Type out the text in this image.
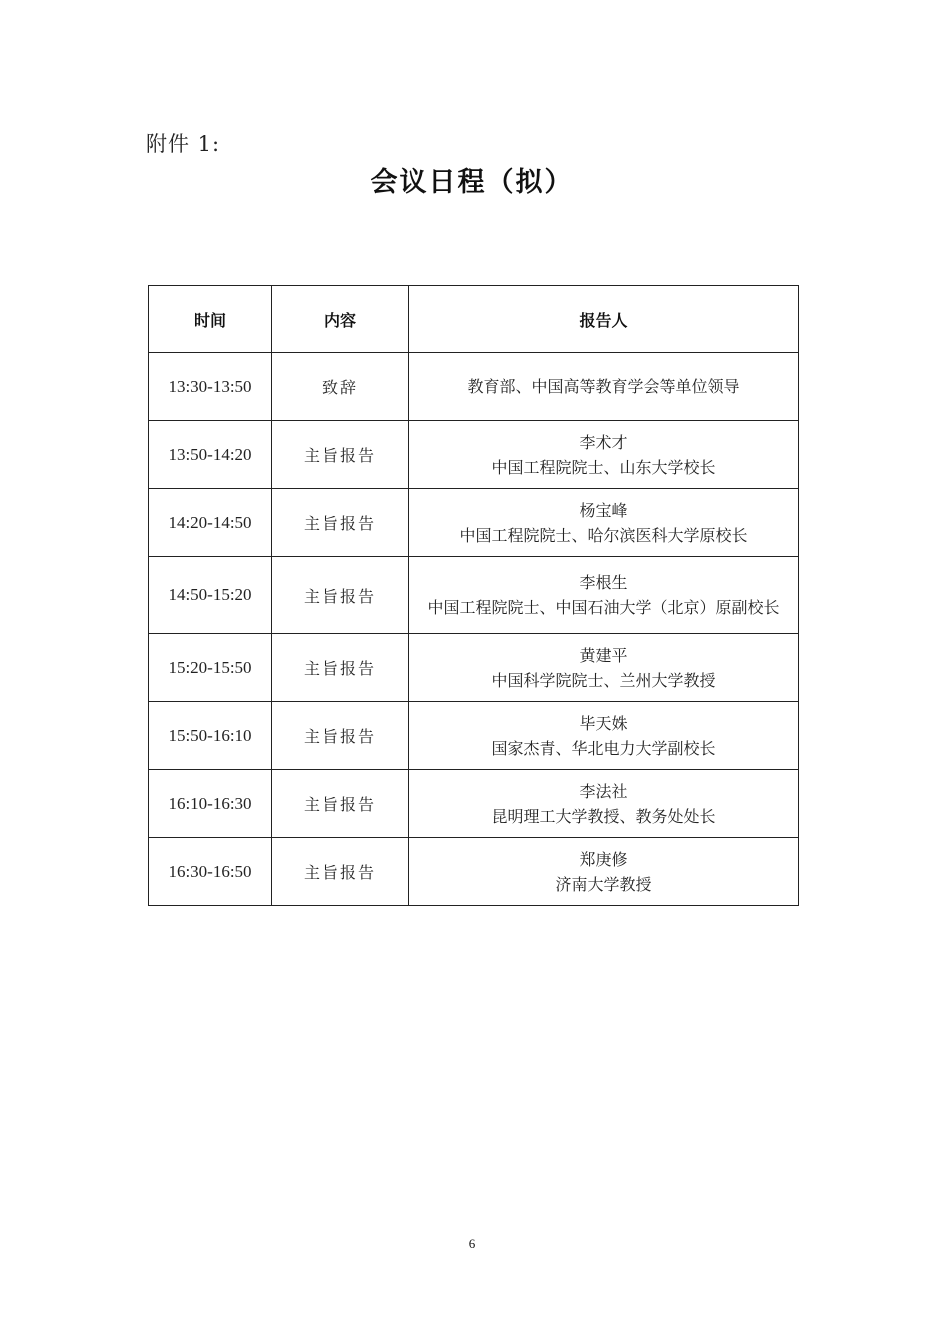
附件 1:
会议日程（拟）
时间	内容	报告人
13:30-13:50	致辞	教育部、中国高等教育学会等单位领导

13:50-14:20	主旨报告	李术才
中国工程院院士、山东大学校长

14:20-14:50	主旨报告	杨宝峰
中国工程院院士、哈尔滨医科大学原校长

14:50-15:20	主旨报告	李根生
中国工程院院士、中国石油大学（北京）原副校长

15:20-15:50	主旨报告	黄建平
中国科学院院士、兰州大学教授

15:50-16:10	主旨报告	毕天姝
国家杰青、华北电力大学副校长

16:10-16:30	主旨报告	李法社
昆明理工大学教授、教务处处长

16:30-16:50	主旨报告	郑庚修
济南大学教授
6
